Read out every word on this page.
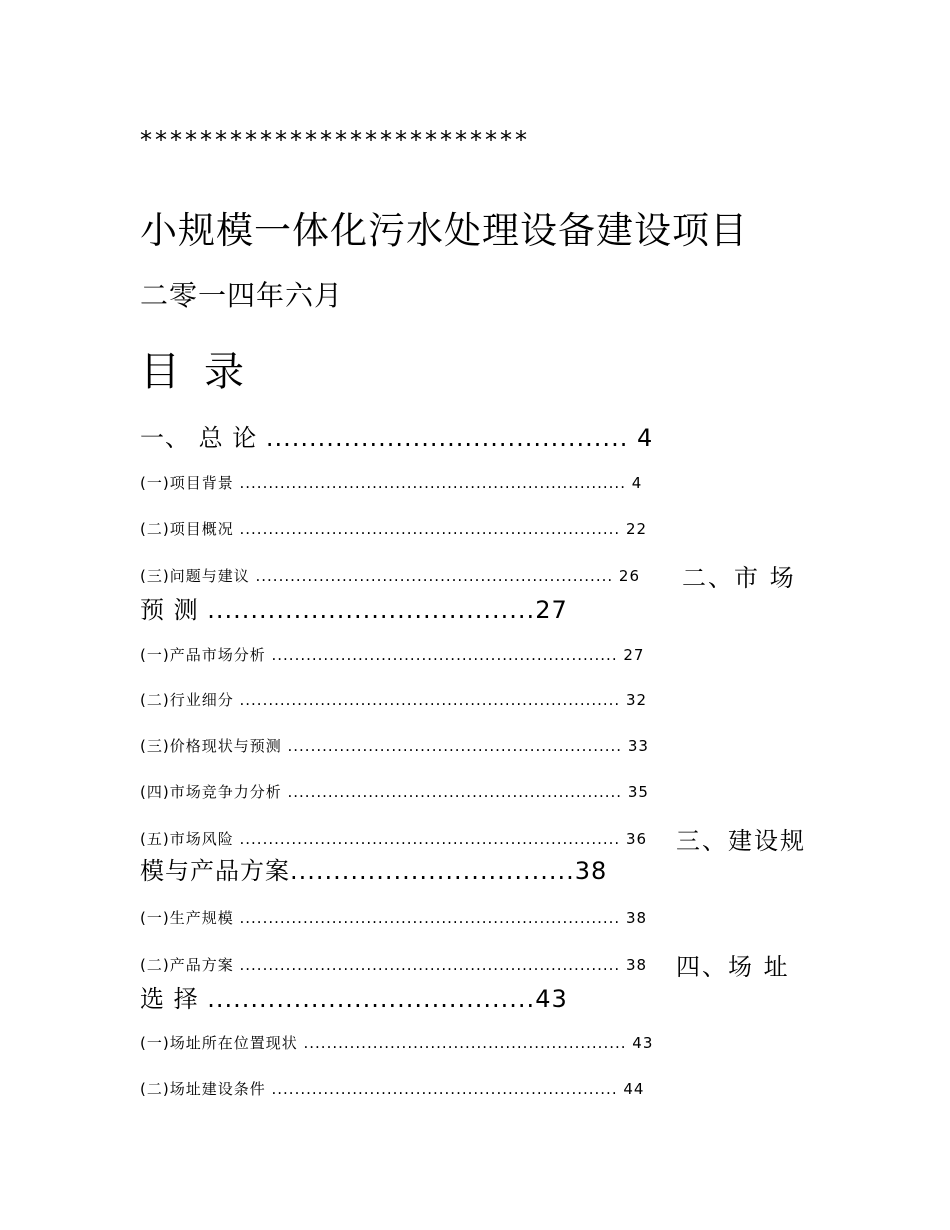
**************************
小规模一体化污水处理设备建设项目
二零一四年六月
目 录
一、 总 论 .......................................... 4
(一)项目背景 ................................................................... 4
(二)项目概况 .................................................................. 22
(三)问题与建议 .............................................................. 26 二、市 场
预 测 ......................................27
(一)产品市场分析 ............................................................ 27
(二)行业细分 .................................................................. 32
(三)价格现状与预测 .......................................................... 33
(四)市场竞争力分析 .......................................................... 35
(五)市场风险 .................................................................. 36 三、建设规
模与产品方案.................................38
(一)生产规模 .................................................................. 38
(二)产品方案 .................................................................. 38 四、场 址
选 择 ......................................43
(一)场址所在位置现状 ........................................................ 43
(二)场址建设条件 ............................................................ 44
